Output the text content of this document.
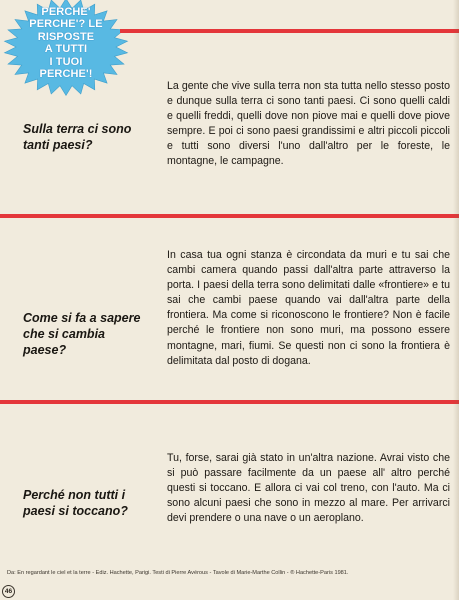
PERCHE'
PERCHE'? LE
RISPOSTE
A TUTTI
I TUOI
PERCHE'!
Sulla terra ci sono tanti paesi?
La gente che vive sulla terra non sta tutta nello stesso posto e dunque sulla terra ci sono tanti paesi. Ci sono quelli caldi e quelli freddi, quelli dove non piove mai e quelli dove piove sempre. E poi ci sono paesi grandissimi e altri piccoli piccoli e tutti sono diversi l'uno dall'altro per le foreste, le montagne, le campagne.
Come si fa a sapere che si cambia paese?
In casa tua ogni stanza è circondata da muri e tu sai che cambi camera quando passi dall'altra parte attraverso la porta. I paesi della terra sono delimitati dalle «frontiere» e tu sai che cambi paese quando vai dall'altra parte della frontiera. Ma come si riconoscono le frontiere? Non è facile perché le frontiere non sono muri, ma possono essere montagne, mari, fiumi. Se questi non ci sono la frontiera è delimitata dal posto di dogana.
Perché non tutti i paesi si toccano?
Tu, forse, sarai già stato in un'altra nazione. Avrai visto che si può passare facilmente da un paese all' altro perché questi si toccano. E allora ci vai col treno, con l'auto. Ma ci sono alcuni paesi che sono in mezzo al mare. Per arrivarci devi prendere o una nave o un aeroplano.
Da: En regardant le ciel et la terre - Ediz. Hachette, Parigi. Testi di Pierre Avérous - Tavole di Marie-Marthe Collin - ® Hachette-Paris 1981.
46
